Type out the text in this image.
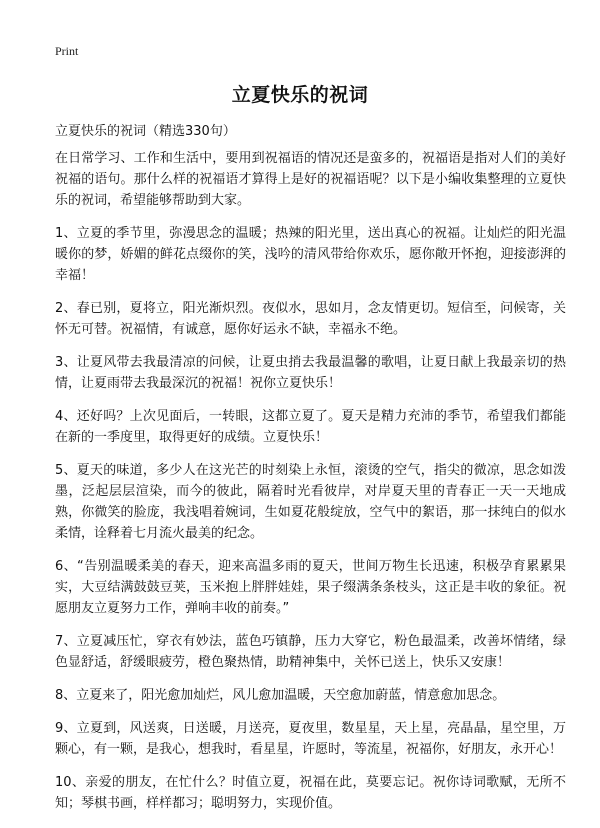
Print
立夏快乐的祝词
立夏快乐的祝词（精选330句）

在日常学习、工作和生活中，要用到祝福语的情况还是蛮多的，祝福语是指对人们的美好祝福的语句。那什么样的祝福语才算得上是好的祝福语呢？以下是小编收集整理的立夏快乐的祝词，希望能够帮助到大家。

1、立夏的季节里，弥漫思念的温暖；热辣的阳光里，送出真心的祝福。让灿烂的阳光温暖你的梦，娇媚的鲜花点缀你的笑，浅吟的清风带给你欢乐，愿你敞开怀抱，迎接澎湃的幸福！

2、春已别，夏将立，阳光渐炽烈。夜似水，思如月，念友情更切。短信至，问候寄，关怀无可替。祝福情，有诚意，愿你好运永不缺，幸福永不绝。

3、让夏风带去我最清凉的问候，让夏虫捎去我最温馨的歌唱，让夏日献上我最亲切的热情，让夏雨带去我最深沉的祝福！祝你立夏快乐！

4、还好吗？上次见面后，一转眼，这都立夏了。夏天是精力充沛的季节，希望我们都能在新的一季度里，取得更好的成绩。立夏快乐！

5、夏天的味道，多少人在这光芒的时刻染上永恒，滚烫的空气，指尖的微凉，思念如泼墨，泛起层层渲染，而今的彼此，隔着时光看彼岸，对岸夏天里的青春正一天一天地成熟，你微笑的脸庞，我浅唱着婉词，生如夏花般绽放，空气中的絮语，那一抹纯白的似水柔情，诠释着七月流火最美的纪念。

6、“告别温暖柔美的春天，迎来高温多雨的夏天，世间万物生长迅速，积极孕育累累果实，大豆结满鼓鼓豆荚，玉米抱上胖胖娃娃，果子缀满条条枝头，这正是丰收的象征。祝愿朋友立夏努力工作，弹响丰收的前奏。”

7、立夏减压忙，穿衣有妙法，蓝色巧镇静，压力大穿它，粉色最温柔，改善坏情绪，绿色显舒适，舒缓眼疲劳，橙色聚热情，助精神集中，关怀已送上，快乐又安康！

8、立夏来了，阳光愈加灿烂，风儿愈加温暖，天空愈加蔚蓝，情意愈加思念。

9、立夏到，风送爽，日送暖，月送亮，夏夜里，数星星，天上星，亮晶晶，星空里，万颗心，有一颗，是我心，想我时，看星星，许愿时，等流星，祝福你，好朋友，永开心！

10、亲爱的朋友，在忙什么？时值立夏，祝福在此，莫要忘记。祝你诗词歌赋，无所不知；琴棋书画，样样都习；聪明努力，实现价值。
